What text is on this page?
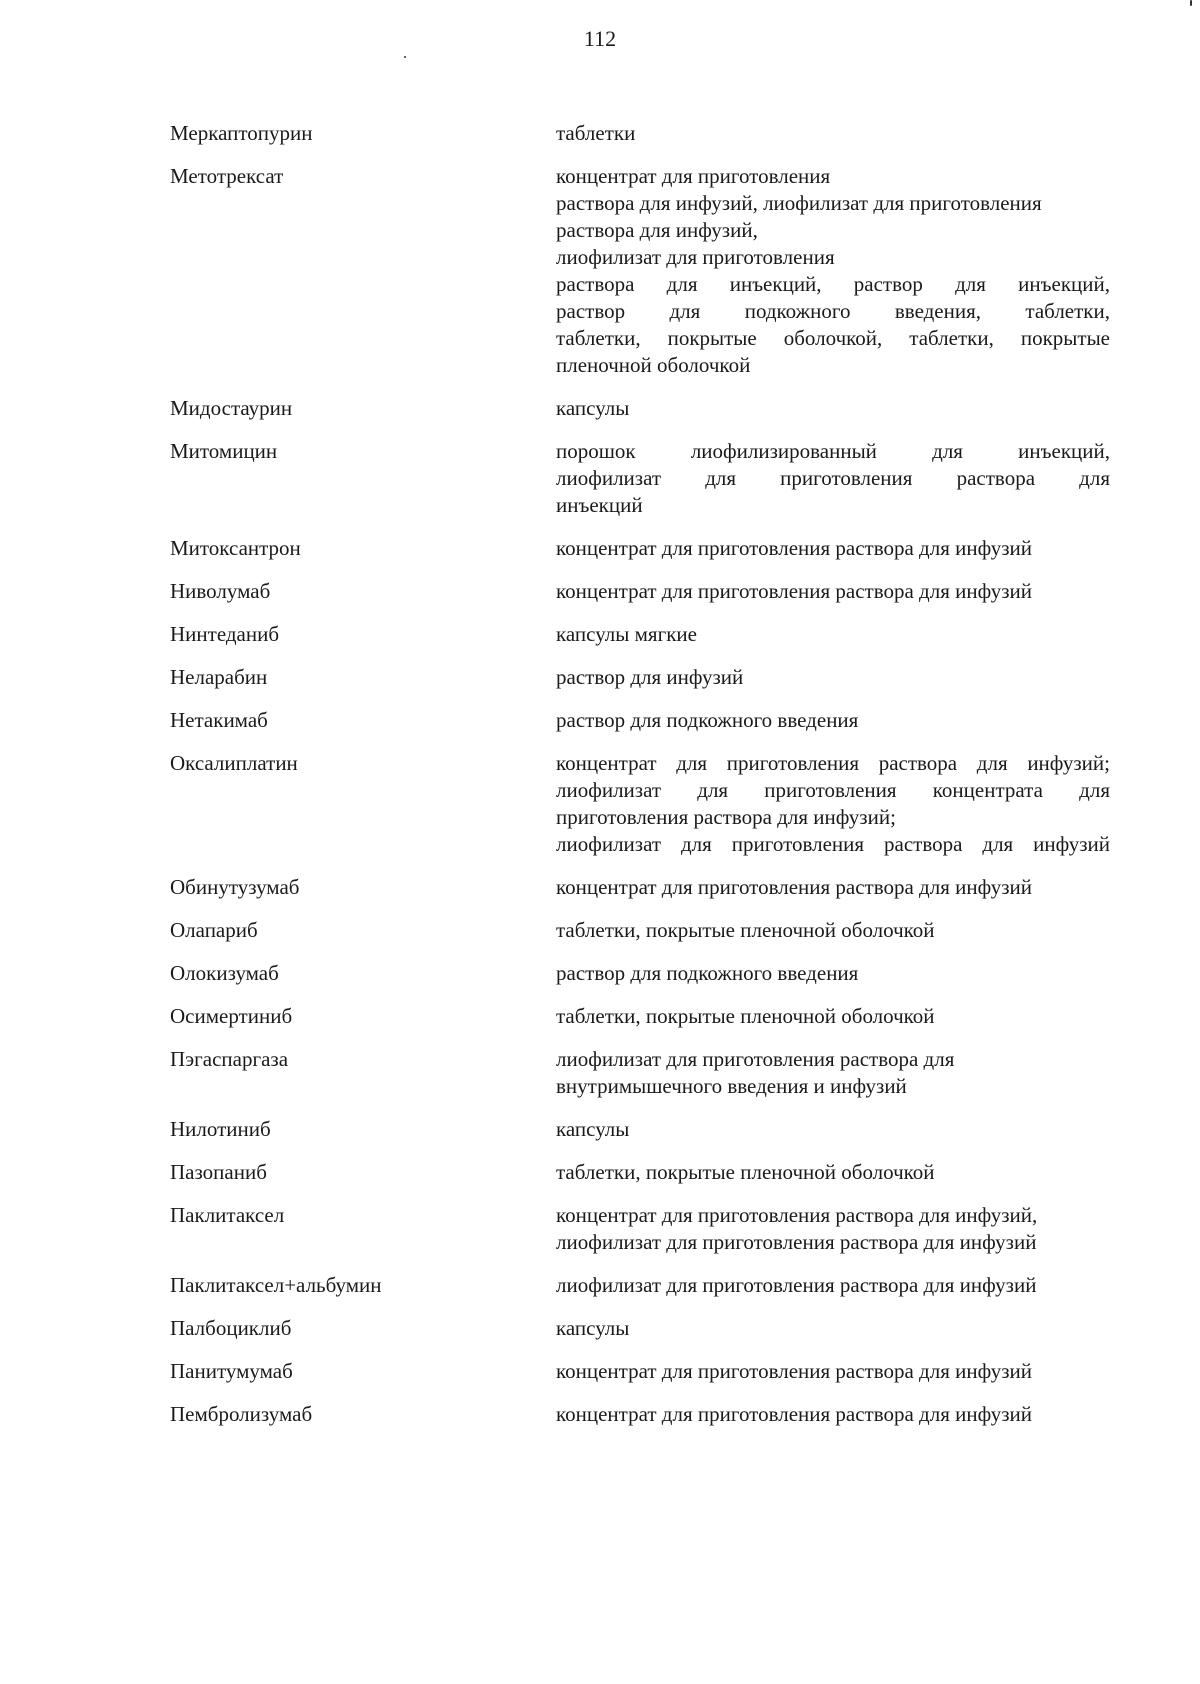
112
Меркаптопурин	таблетки
Метотрексат	концентрат для приготовления
раствора для инфузий, лиофилизат для приготовления
раствора для инфузий,
лиофилизат для приготовления
раствора для инъекций, раствор для инъекций,
раствор для подкожного введения, таблетки,
таблетки, покрытые оболочкой, таблетки, покрытые
пленочной оболочкой
Мидостаурин	капсулы
Митомицин	порошок лиофилизированный для инъекций,
лиофилизат для приготовления раствора для
инъекций
Митоксантрон	концентрат для приготовления раствора для инфузий
Ниволумаб	концентрат для приготовления раствора для инфузий
Нинтеданиб	капсулы мягкие
Неларабин	раствор для инфузий
Нетакимаб	раствор для подкожного введения
Оксалиплатин	концентрат для приготовления раствора для инфузий;
лиофилизат для приготовления концентрата для
приготовления раствора для инфузий;
лиофилизат для приготовления раствора для инфузий
Обинутузумаб	концентрат для приготовления раствора для инфузий
Олапариб	таблетки, покрытые пленочной оболочкой
Олокизумаб	раствор для подкожного введения
Осимертиниб	таблетки, покрытые пленочной оболочкой
Пэгаспаргаза	лиофилизат для приготовления раствора для
внутримышечного введения и инфузий
Нилотиниб	капсулы
Пазопаниб	таблетки, покрытые пленочной оболочкой
Паклитаксел	концентрат для приготовления раствора для инфузий,
лиофилизат для приготовления раствора для инфузий
Паклитаксел+альбумин	лиофилизат для приготовления раствора для инфузий
Палбоциклиб	капсулы
Панитумумаб	концентрат для приготовления раствора для инфузий
Пембролизумаб	концентрат для приготовления раствора для инфузий
